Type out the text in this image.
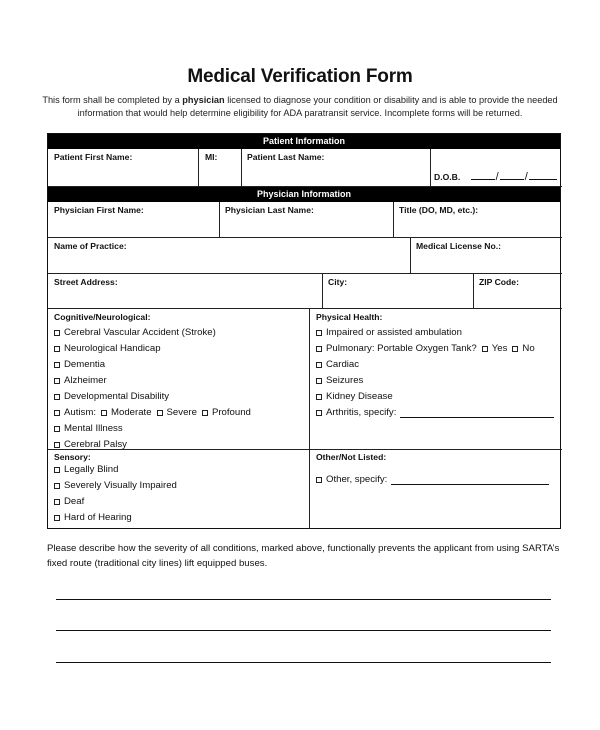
Medical Verification Form
This form shall be completed by a physician licensed to diagnose your condition or disability and is able to provide the needed
information that would help determine eligibility for ADA paratransit service. Incomplete forms will be returned.
Patient Information
Patient First Name:	MI:	Patient Last Name:
D.O.B.	/ /
Physician Information
Physician First Name:	Physician Last Name:	Title (DO, MD, etc.):
Name of Practice:	Medical License No.:
Street Address:	City:	ZIP Code:
Cognitive/Neurological:
Cerebral Vascular Accident (Stroke)
Neurological Handicap
Dementia
Alzheimer
Developmental Disability
Autism: Moderate Severe Profound
Mental Illness
Cerebral Palsy
Physical Health:
Impaired or assisted ambulation
Pulmonary: Portable Oxygen Tank? Yes No
Cardiac
Seizures
Kidney Disease
Arthritis, specify:
Sensory:
Legally Blind
Severely Visually Impaired
Deaf
Hard of Hearing
Other/Not Listed:
Other, specify:
Please describe how the severity of all conditions, marked above, functionally prevents the applicant from using SARTA’s fixed route (traditional city lines) lift equipped buses.
